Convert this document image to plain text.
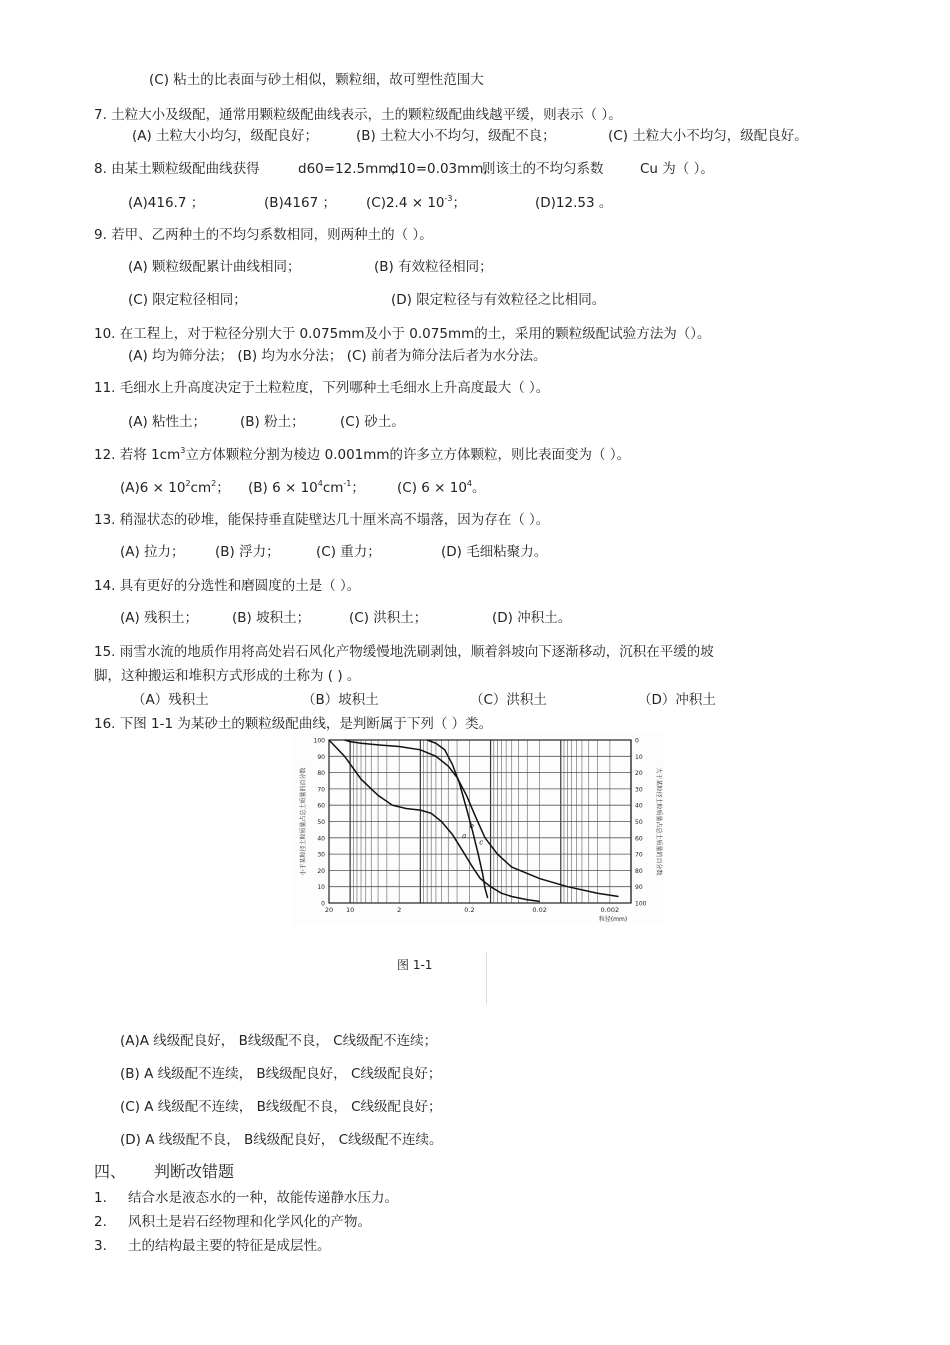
(C) 粘土的比表面与砂土相似，颗粒细，故可塑性范围大
7. 土粒大小及级配，通常用颗粒级配曲线表示，土的颗粒级配曲线越平缓，则表示（ ）。
(A) 土粒大小均匀，级配良好；	(B) 土粒大小不均匀，级配不良；	(C) 土粒大小不均匀，级配良好。
8. 由某土颗粒级配曲线获得	d60=12.5mm,
d10=0.03mm,
则该土的不均匀系数	Cu 为（ ）。
(A)416.7 ；	(B)4167 ； $(C)2.4 \times 10^{-3}$；	(D)12.53 。
9. 若甲、乙两种土的不均匀系数相同，则两种土的（ ）。
(A) 颗粒级配累计曲线相同；	(B) 有效粒径相同；
(C) 限定粒径相同；	(D) 限定粒径与有效粒径之比相同。
10. 在工程上，对于粒径分别大于 0.075mm及小于 0.075mm的土，采用的颗粒级配试验方法为（）。
(A) 均为筛分法； (B) 均为水分法； (C) 前者为筛分法后者为水分法。
11. 毛细水上升高度决定于土粒粒度，下列哪种土毛细水上升高度最大（ ）。
(A) 粘性土；	(B) 粉土；	(C) 砂土。
12. 若将 $1cm^3$立方体颗粒分割为棱边 0.001mm的许多立方体颗粒，则比表面变为（ ）。
$(A)6 \times 10^2cm^2$； (B) $6 \times 10^4cm^{-1}$； (C) $6 \times 10^4$。
13. 稍湿状态的砂堆，能保持垂直陡壁达几十厘米高不塌落，因为存在（ ）。
(A) 拉力； (B) 浮力；	(C) 重力；	(D) 毛细粘聚力。
14. 具有更好的分选性和磨圆度的土是（ ）。
(A) 残积土；	(B) 坡积土；	(C) 洪积土；	(D) 冲积土。
15. 雨雪水流的地质作用将高处岩石风化产物缓慢地洗刷剥蚀，顺着斜坡向下逐渐移动，沉积在平缓的坡
脚，这种搬运和堆积方式形成的土称为 ( ) 。
（A）残积土	（B）坡积土	（C）洪积土	（D）冲积土
16. 下图 1-1 为某砂土的颗粒级配曲线，是判断属于下列（ ）类。
100
90
80
70
60
50
40
30
20
10
0
0
10
20
30
40
50
60
70
80
90
100
20 10	2	0.2	0.02	0.002
粒径(mm)
小于某粒径土粒质量占总土质量的百分数	大于某粒径土粒质量占总土质量的百分数
a
b
c
图 1-1
(A)A 线级配良好， B线级配不良， C线级配不连续；
(B) A 线级配不连续， B线级配良好， C线级配良好；
(C) A 线级配不连续， B线级配不良， C线级配良好；
(D) A 线级配不良， B线级配良好， C线级配不连续。
四、 判断改错题
1. 结合水是液态水的一种，故能传递静水压力。
2. 风积土是岩石经物理和化学风化的产物。
3. 土的结构最主要的特征是成层性。
